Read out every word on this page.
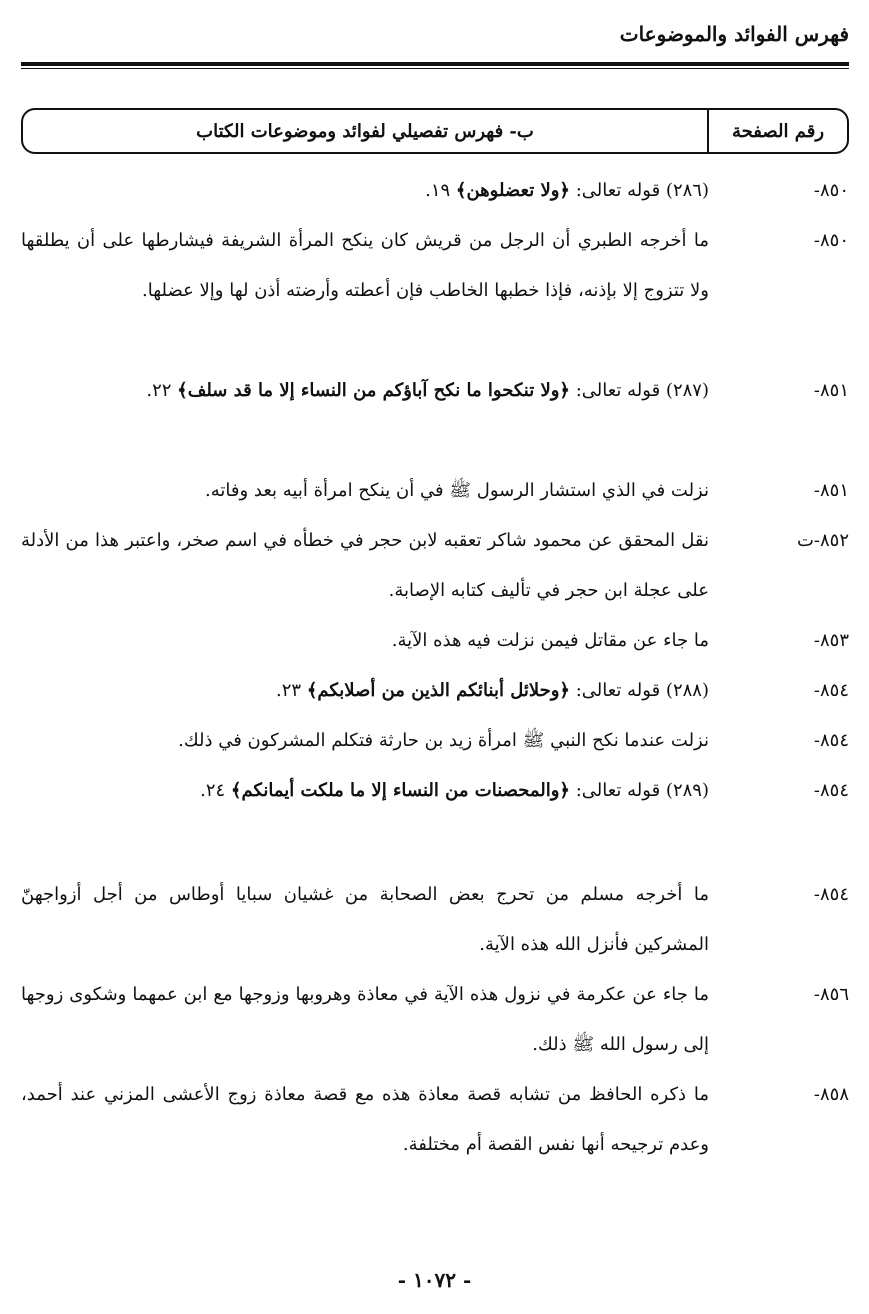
فهرس الفوائد والموضوعات
رقم الصفحة
ب- فهرس تفصيلي لفوائد وموضوعات الكتاب
٨٥٠-
(٢٨٦) قوله تعالى: ﴿ولا تعضلوهن﴾ ١٩.
٨٥٠-
ما أخرجه الطبري أن الرجل من قريش كان ينكح المرأة الشريفة فيشارطها على أن يطلقها ولا تتزوج إلا بإذنه، فإذا خطبها الخاطب فإن أعطته وأرضته أذن لها وإلا عضلها.
٨٥١-
(٢٨٧) قوله تعالى: ﴿ولا تنكحوا ما نكح آباؤكم من النساء إلا ما قد سلف﴾ ٢٢.
٨٥١-
نزلت في الذي استشار الرسول ﷺ في أن ينكح امرأة أبيه بعد وفاته.
٨٥٢-ت
نقل المحقق عن محمود شاكر تعقبه لابن حجر في خطأه في اسم صخر، واعتبر هذا من الأدلة على عجلة ابن حجر في تأليف كتابه الإصابة.
٨٥٣-
ما جاء عن مقاتل فيمن نزلت فيه هذه الآية.
٨٥٤-
(٢٨٨) قوله تعالى: ﴿وحلائل أبنائكم الذين من أصلابكم﴾ ٢٣.
٨٥٤-
نزلت عندما نكح النبي ﷺ امرأة زيد بن حارثة فتكلم المشركون في ذلك.
٨٥٤-
(٢٨٩) قوله تعالى: ﴿والمحصنات من النساء إلا ما ملكت أيمانكم﴾ ٢٤.
٨٥٤-
ما أخرجه مسلم من تحرج بعض الصحابة من غشيان سبايا أوطاس من أجل أزواجهنّ المشركين فأنزل الله هذه الآية.
٨٥٦-
ما جاء عن عكرمة في نزول هذه الآية في معاذة وهروبها وزوجها مع ابن عمهما وشكوى زوجها إلى رسول الله ﷺ ذلك.
٨٥٨-
ما ذكره الحافظ من تشابه قصة معاذة هذه مع قصة معاذة زوج الأعشى المزني عند أحمد، وعدم ترجيحه أنها نفس القصة أم مختلفة.
- ١٠٧٢ -
